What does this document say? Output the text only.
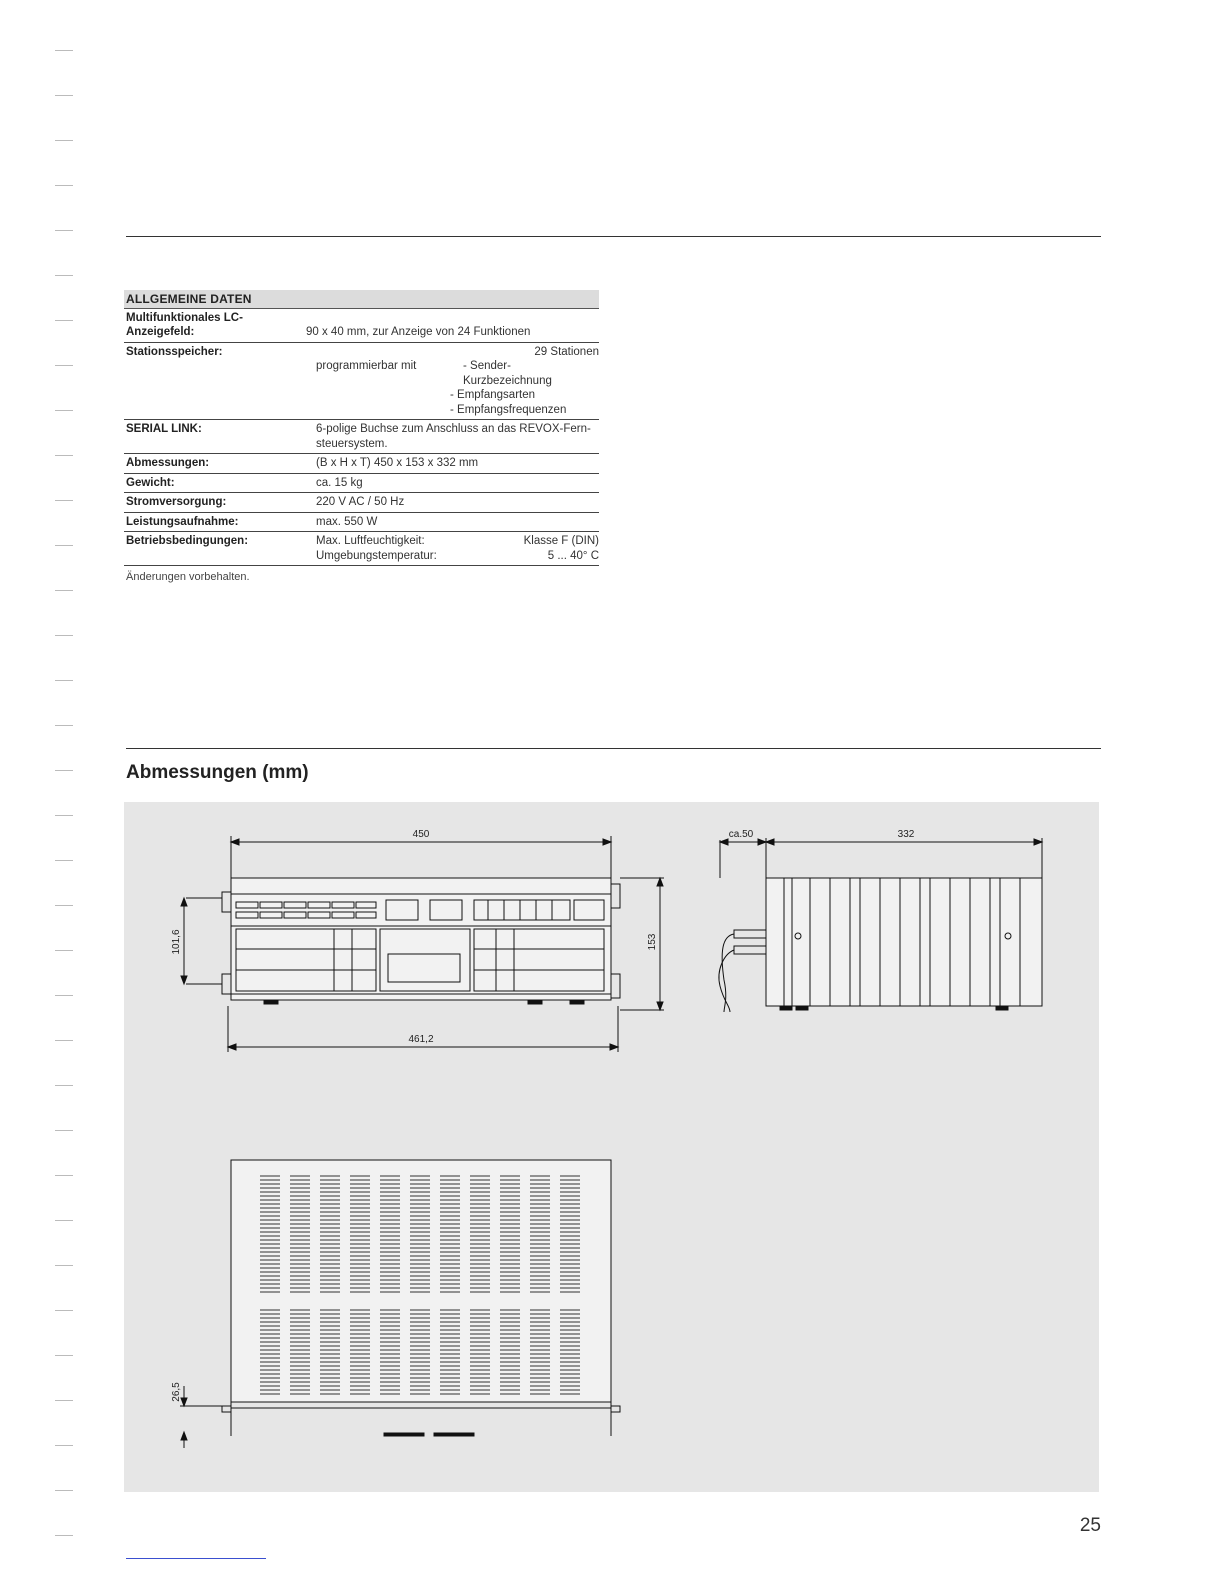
ALLGEMEINE DATEN
Multifunktionales LC-Anzeigefeld:	90 x 40 mm, zur Anzeige von 24 Funktionen
Stationsspeicher:	29 Stationen
programmierbar mit	- Sender-Kurzbezeichnung
- Empfangsarten
- Empfangsfrequenzen
SERIAL LINK:	6-polige Buchse zum Anschluss an das REVOX-Fern-steuersystem.
Abmessungen:	(B x H x T) 450 x 153 x 332 mm
Gewicht:	ca. 15 kg
Stromversorgung:	220 V AC / 50 Hz
Leistungsaufnahme:	max. 550 W
Betriebsbedingungen:	Max. Luftfeuchtigkeit:	Klasse F (DIN)
Umgebungstemperatur:	5 ... 40° C
Änderungen vorbehalten.
Abmessungen (mm)
450
101,6	153
461,2
ca.50	332
26,5
25
